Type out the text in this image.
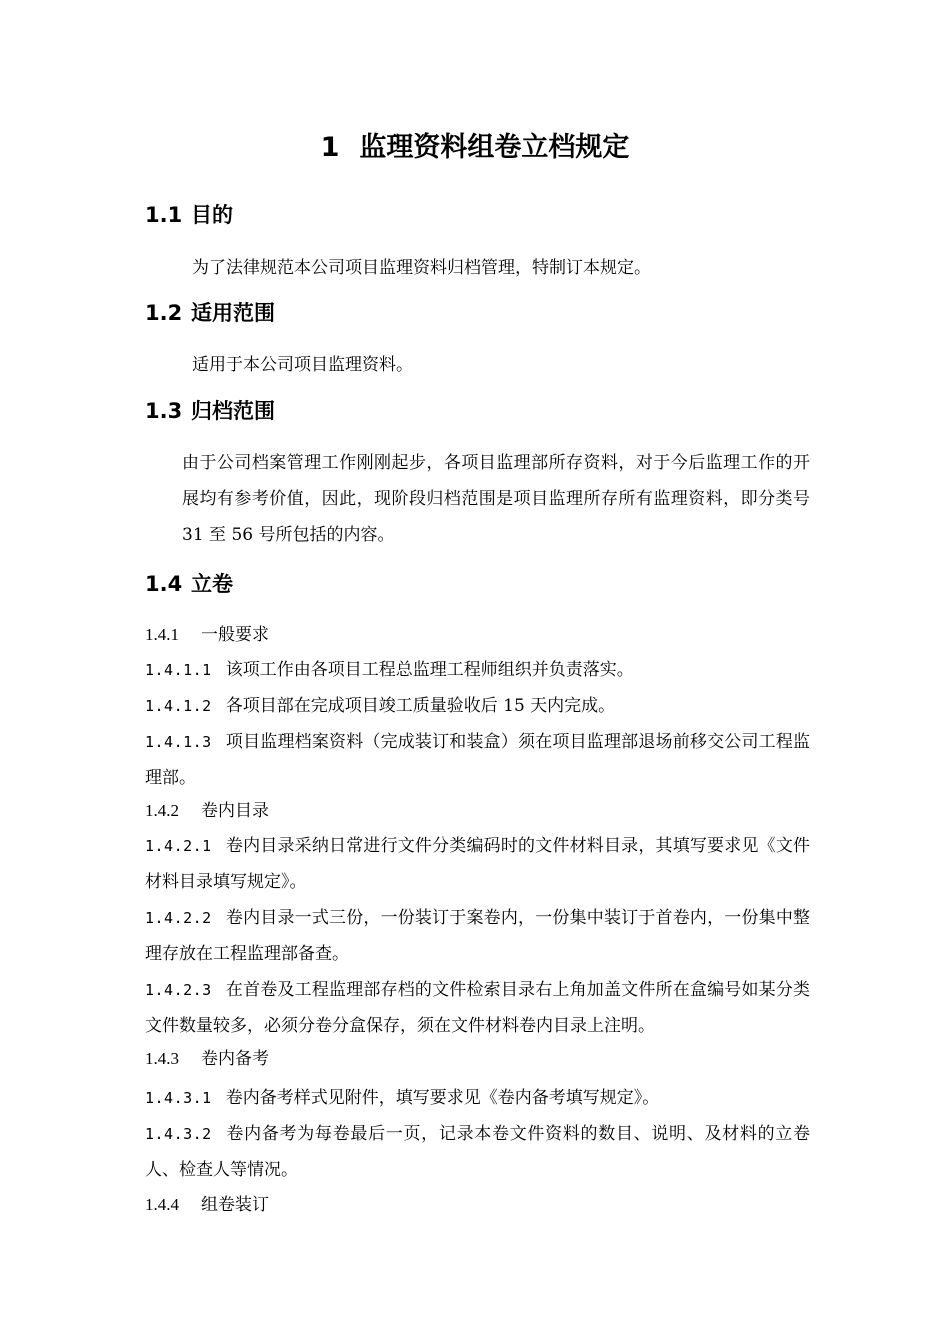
1 监理资料组卷立档规定
1.1 目的
为了法律规范本公司项目监理资料归档管理，特制订本规定。
1.2 适用范围
适用于本公司项目监理资料。
1.3 归档范围
由于公司档案管理工作刚刚起步，各项目监理部所存资料，对于今后监理工作的开展均有参考价值，因此，现阶段归档范围是项目监理所存所有监理资料，即分类号 31 至 56 号所包括的内容。
1.4 立卷
1.4.1 一般要求
1.4.1.1 该项工作由各项目工程总监理工程师组织并负责落实。
1.4.1.2 各项目部在完成项目竣工质量验收后 15 天内完成。
1.4.1.3 项目监理档案资料（完成装订和装盒）须在项目监理部退场前移交公司工程监理部。
1.4.2 卷内目录
1.4.2.1 卷内目录采纳日常进行文件分类编码时的文件材料目录，其填写要求见《文件材料目录填写规定》。
1.4.2.2 卷内目录一式三份，一份装订于案卷内，一份集中装订于首卷内，一份集中整理存放在工程监理部备查。
1.4.2.3 在首卷及工程监理部存档的文件检索目录右上角加盖文件所在盒编号如某分类文件数量较多，必须分卷分盒保存，须在文件材料卷内目录上注明。
1.4.3 卷内备考
1.4.3.1 卷内备考样式见附件，填写要求见《卷内备考填写规定》。
1.4.3.2 卷内备考为每卷最后一页，记录本卷文件资料的数目、说明、及材料的立卷人、检查人等情况。
1.4.4 组卷装订
